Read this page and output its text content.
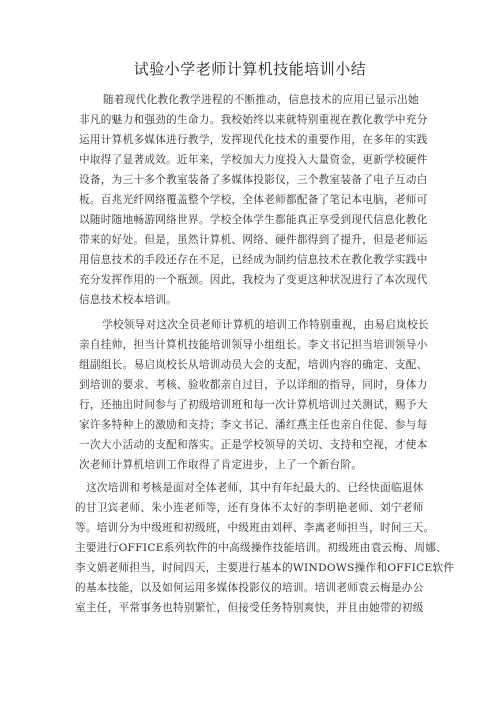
试验小学老师计算机技能培训小结
随着现代化教化教学进程的不断推动，信息技术的应用已显示出她
非凡的魅力和强劲的生命力。我校始终以来就特别重视在教化教学中充分
运用计算机多媒体进行教学，发挥现代化技术的重要作用，在多年的实践
中取得了显著成效。近年来，学校加大力度投入大量资金，更新学校硬件
设备，为三十多个教室装备了多媒体投影仪，三个教室装备了电子互动白
板。百兆光纤网络覆盖整个学校，全体老师都配备了笔记本电脑，老师可
以随时随地畅游网络世界。学校全体学生都能真正享受到现代信息化教化
带来的好处。但是，虽然计算机、网络、硬件都得到了提升，但是老师运
用信息技术的手段还存在不足，已经成为制约信息技术在教化教学实践中
充分发挥作用的一个瓶颈。因此，我校为了变更这种状况进行了本次现代
信息技术校本培训。
学校领导对这次全员老师计算机的培训工作特别重视，由易启岚校长
亲自挂帅，担当计算机技能培训领导小组组长。李文书记担当培训领导小
组副组长。易启岚校长从培训动员大会的支配，培训内容的确定、支配、
到培训的要求、考核、验收都亲自过目，予以详细的指导，同时，身体力
行，还抽出时间参与了初级培训班和每一次计算机培训过关测试，赐予大
家许多特种上的激励和支持；李文书记、潘红燕主任也亲自住促、参与每
一次大小活动的支配和落实。正是学校领导的关切、支持和空视，才使本
次老师计算机培训工作取得了肯定进步，上了一个新台阶。
这次培训和考核是面对全体老师，其中有年纪最大的、已经快面临退休
的甘卫宾老师、朱小连老师等，还有身体不太好的李明艳老师、刘宁老师
等。培训分为中级班和初级班，中级班由刘秤、李离老师担当，时间三天。
主要进行OFFICE系列软件的中高级操作技能培训。初级班由袁云梅、周娜、
李文娟老师担当，时间四天，主要进行基本的WINDOWS操作和OFFICE软件
的基本技能，以及如何运用多媒体投影仪的培训。培训老师袁云梅是办公
室主任，平常事务也特别繁忙，但接受任务特别爽快，并且由她带的初级
